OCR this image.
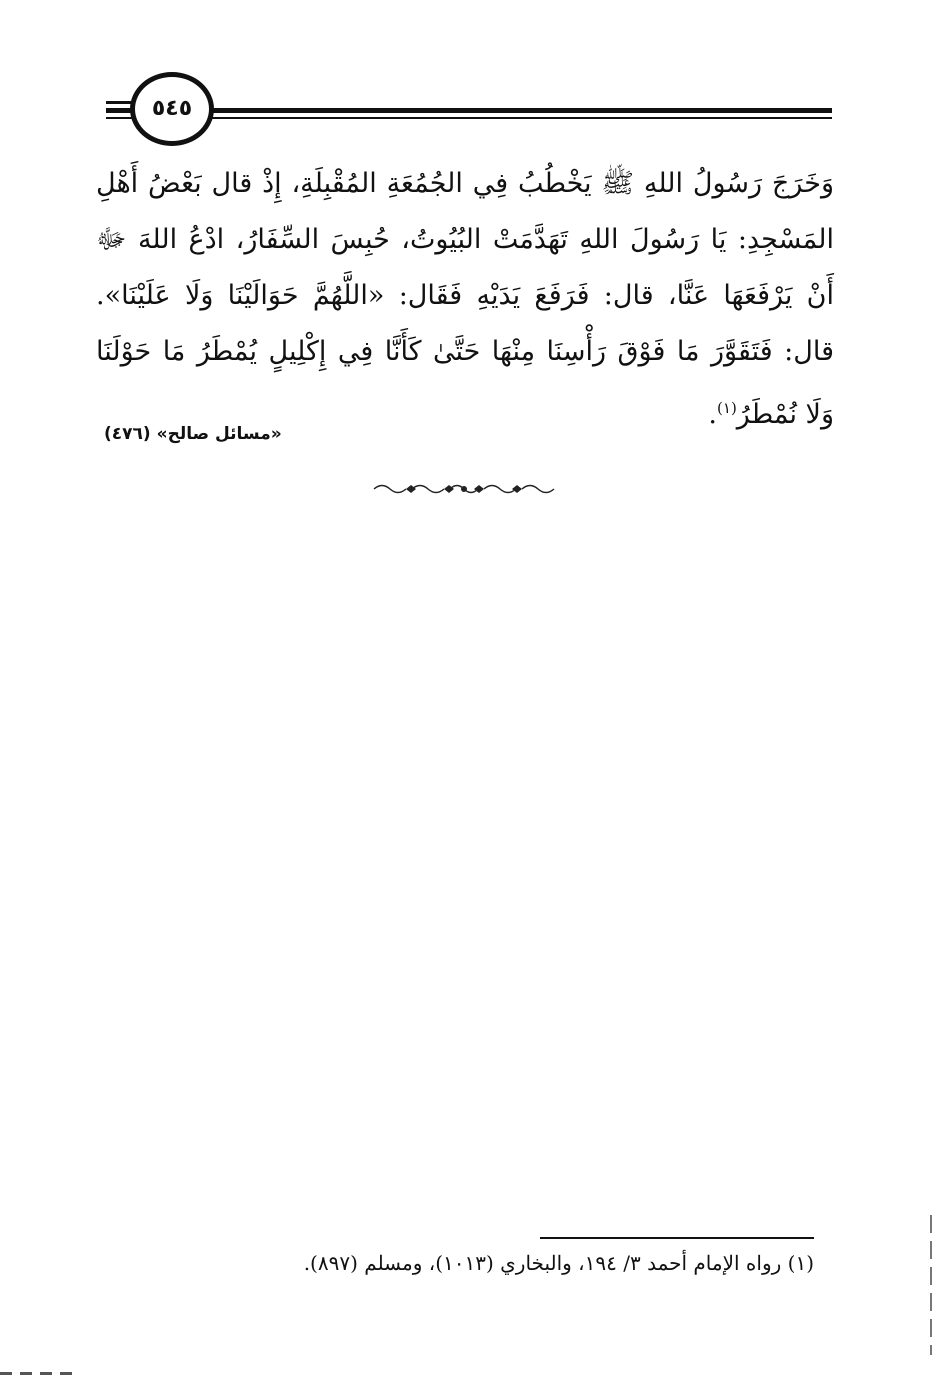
٥٤٥

وَخَرَجَ رَسُولُ اللهِ ﷺ يَخْطُبُ فِي الجُمُعَةِ المُقْبِلَةِ، إِذْ قال بَعْضُ أَهْلِ المَسْجِدِ: يَا رَسُولَ اللهِ تَهَدَّمَتْ البُيُوتُ، حُبِسَ السِّفَارُ، ادْعُ اللهَ ﷻ أَنْ يَرْفَعَهَا عَنَّا، قال: فَرَفَعَ يَدَيْهِ فَقَال: «اللَّهُمَّ حَوَالَيْنَا وَلَا عَلَيْنَا». قال: فَتَقَوَّرَ مَا فَوْقَ رَأْسِنَا مِنْهَا حَتَّىٰ كَأَنَّا فِي إِكْلِيلٍ يُمْطَرُ مَا حَوْلَنَا وَلَا نُمْطَرُ$^{(١)}$.

«مسائل صالح» (٤٧٦)

(١) رواه الإمام أحمد ٣/ ١٩٤، والبخاري (١٠١٣)، ومسلم (٨٩٧).
